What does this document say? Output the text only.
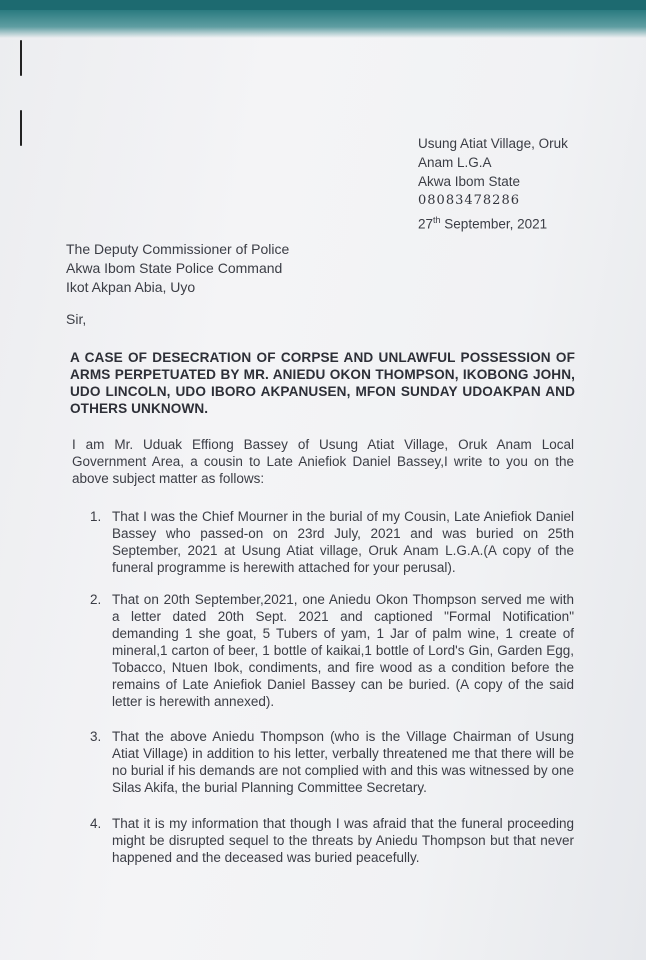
Usung Atiat Village, Oruk
Anam L.G.A
Akwa Ibom State
08083478286
27th September, 2021
The Deputy Commissioner of Police
Akwa Ibom State Police Command
Ikot Akpan Abia, Uyo
Sir,
A CASE OF DESECRATION OF CORPSE AND UNLAWFUL POSSESSION OF ARMS PERPETUATED BY MR. ANIEDU OKON THOMPSON, IKOBONG JOHN, UDO LINCOLN, UDO IBORO AKPANUSEN, MFON SUNDAY UDOAKPAN AND OTHERS UNKNOWN.
I am Mr. Uduak Effiong Bassey of Usung Atiat Village, Oruk Anam Local Government Area, a cousin to Late Aniefiok Daniel Bassey,I write to you on the above subject matter as follows:
1. That I was the Chief Mourner in the burial of my Cousin, Late Aniefiok Daniel Bassey who passed-on on 23rd July, 2021 and was buried on 25th September, 2021 at Usung Atiat village, Oruk Anam L.G.A.(A copy of the funeral programme is herewith attached for your perusal).
2. That on 20th September,2021, one Aniedu Okon Thompson served me with a letter dated 20th Sept. 2021 and captioned "Formal Notification" demanding 1 she goat, 5 Tubers of yam, 1 Jar of palm wine, 1 create of mineral,1 carton of beer, 1 bottle of kaikai,1 bottle of Lord's Gin, Garden Egg, Tobacco, Ntuen Ibok, condiments, and fire wood as a condition before the remains of Late Aniefiok Daniel Bassey can be buried. (A copy of the said letter is herewith annexed).
3. That the above Aniedu Thompson (who is the Village Chairman of Usung Atiat Village) in addition to his letter, verbally threatened me that there will be no burial if his demands are not complied with and this was witnessed by one Silas Akifa, the burial Planning Committee Secretary.
4. That it is my information that though I was afraid that the funeral proceeding might be disrupted sequel to the threats by Aniedu Thompson but that never happened and the deceased was buried peacefully.
